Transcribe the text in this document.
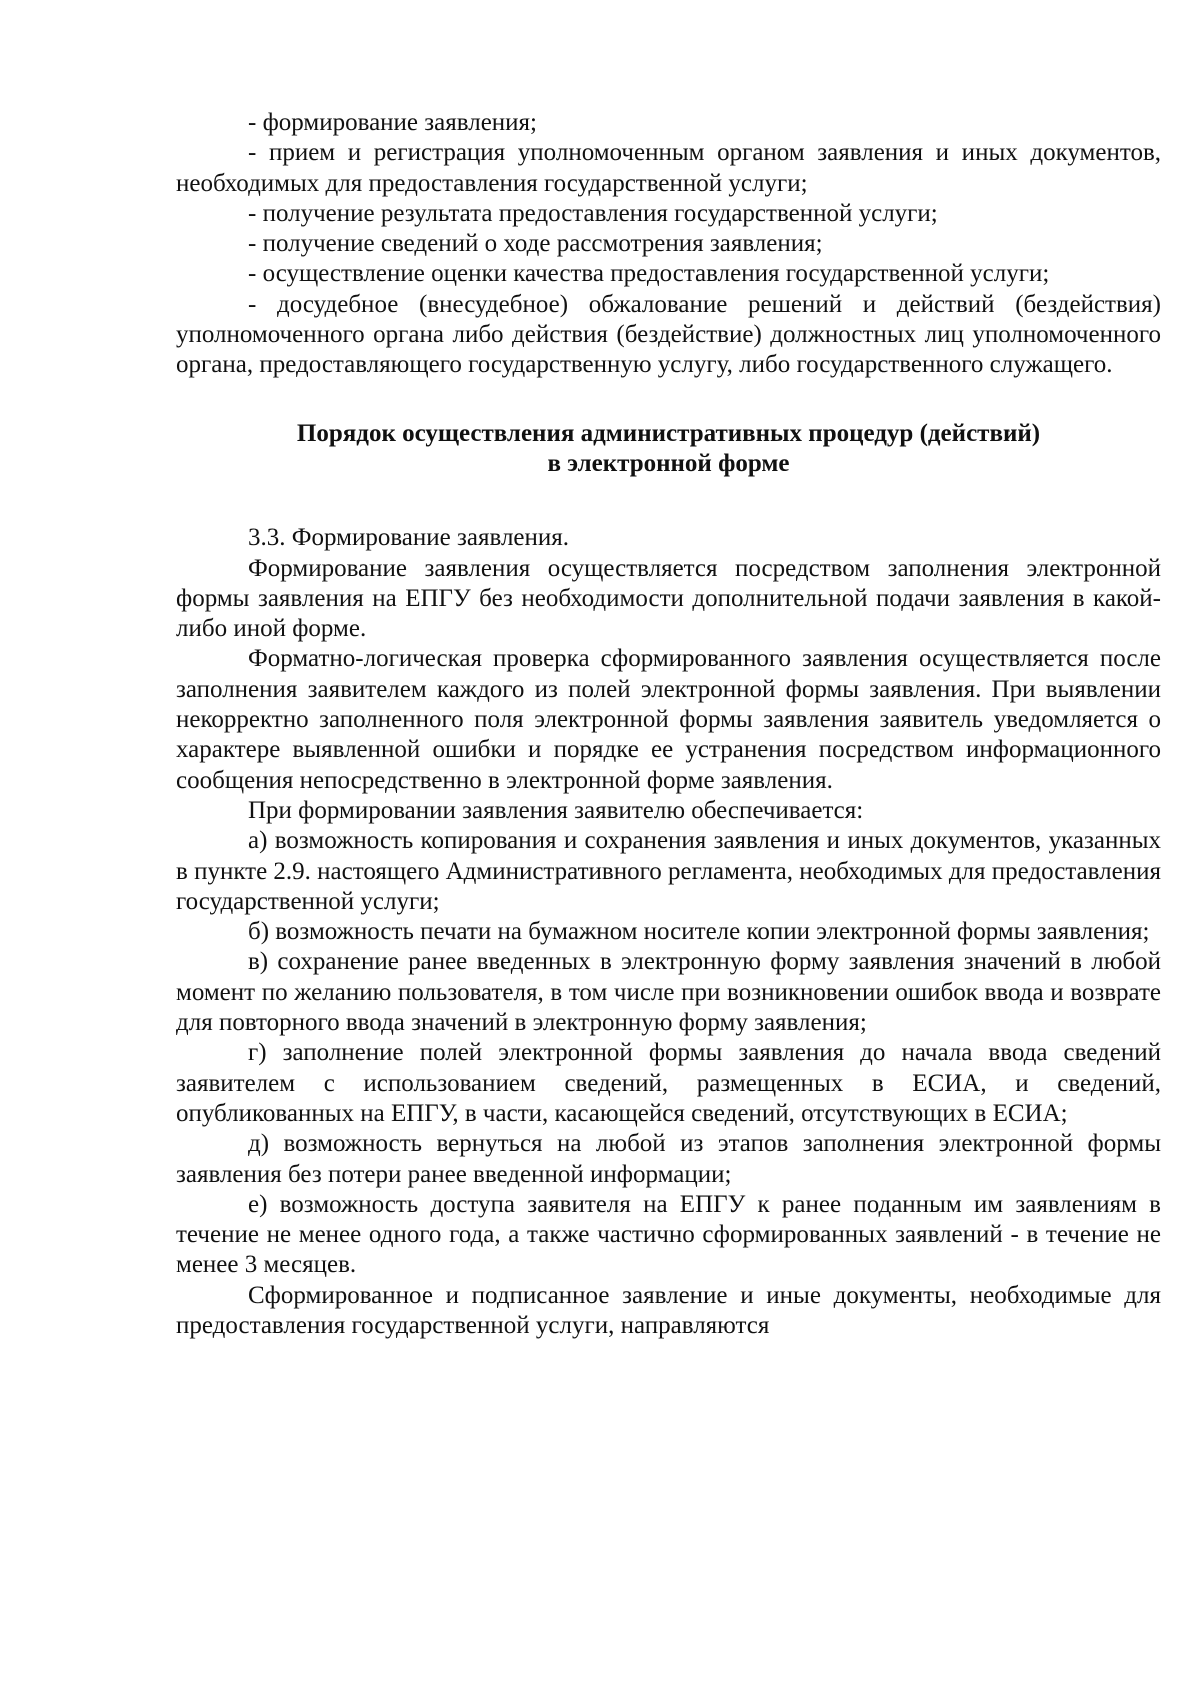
- формирование заявления;

- прием и регистрация уполномоченным органом заявления и иных документов, необходимых для предоставления государственной услуги;

- получение результата предоставления государственной услуги;

- получение сведений о ходе рассмотрения заявления;

- осуществление оценки качества предоставления государственной услуги;

- досудебное (внесудебное) обжалование решений и действий (бездействия) уполномоченного органа либо действия (бездействие) должностных лиц уполномоченного органа, предоставляющего государственную услугу, либо государственного служащего.

Порядок осуществления административных процедур (действий)
в электронной форме

3.3. Формирование заявления.

Формирование заявления осуществляется посредством заполнения электронной формы заявления на ЕПГУ без необходимости дополнительной подачи заявления в какой-либо иной форме.

Форматно-логическая проверка сформированного заявления осуществляется после заполнения заявителем каждого из полей электронной формы заявления. При выявлении некорректно заполненного поля электронной формы заявления заявитель уведомляется о характере выявленной ошибки и порядке ее устранения посредством информационного сообщения непосредственно в электронной форме заявления.

При формировании заявления заявителю обеспечивается:

а) возможность копирования и сохранения заявления и иных документов, указанных в пункте 2.9. настоящего Административного регламента, необходимых для предоставления государственной услуги;

б) возможность печати на бумажном носителе копии электронной формы заявления;

в) сохранение ранее введенных в электронную форму заявления значений в любой момент по желанию пользователя, в том числе при возникновении ошибок ввода и возврате для повторного ввода значений в электронную форму заявления;

г) заполнение полей электронной формы заявления до начала ввода сведений заявителем с использованием сведений, размещенных в ЕСИА, и сведений, опубликованных на ЕПГУ, в части, касающейся сведений, отсутствующих в ЕСИА;

д) возможность вернуться на любой из этапов заполнения электронной формы заявления без потери ранее введенной информации;

е) возможность доступа заявителя на ЕПГУ к ранее поданным им заявлениям в течение не менее одного года, а также частично сформированных заявлений - в течение не менее 3 месяцев.

Сформированное и подписанное заявление и иные документы, необходимые для предоставления государственной услуги, направляются
